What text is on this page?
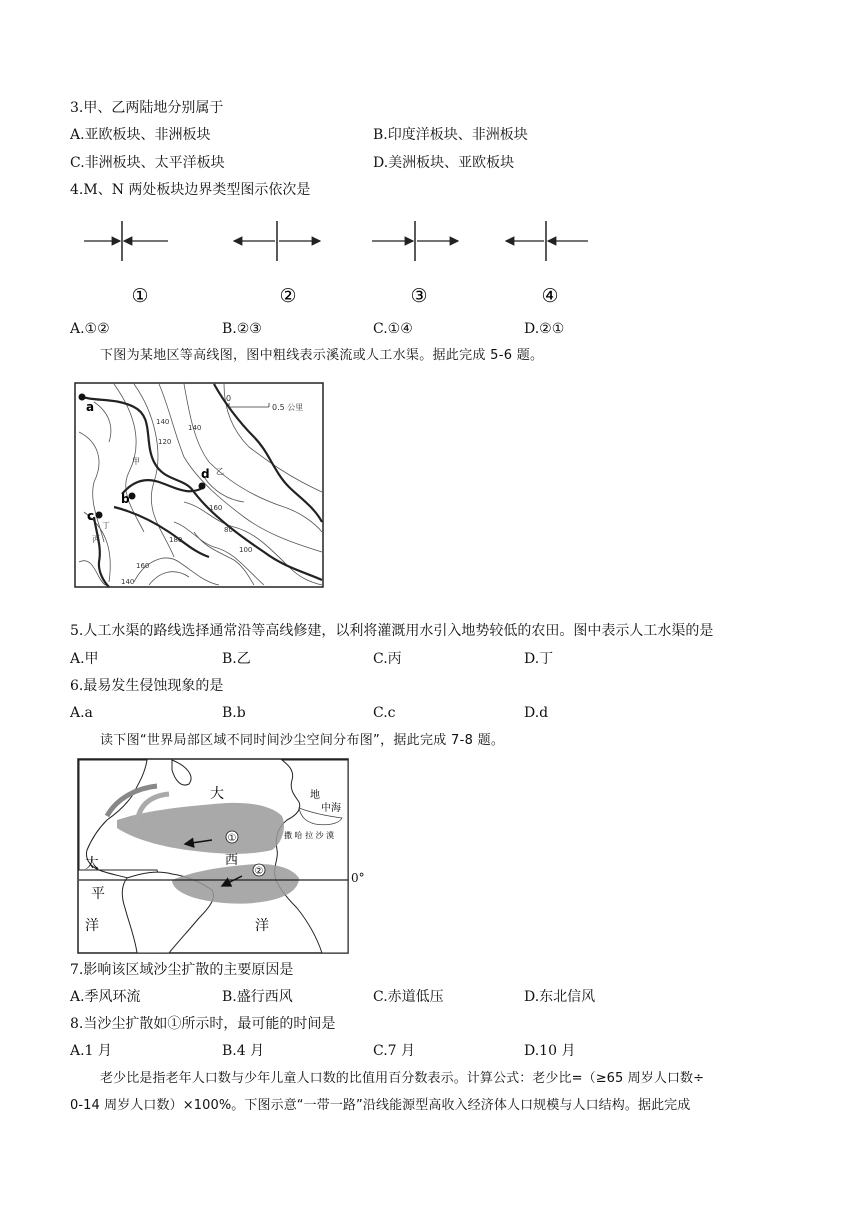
3.甲、乙两陆地分别属于
A.亚欧板块、非洲板块	B.印度洋板块、非洲板块
C.非洲板块、太平洋板块	D.美洲板块、亚欧板块
4.M、N 两处板块边界类型图示依次是
①	②	③	④
A.①②	B.②③	C.①④	D.②①
下图为某地区等高线图，图中粗线表示溪流或人工水渠。据此完成 5-6 题。
a
b
c
d
甲
乙
丙
丁
140
120
140
160
80
100
140
160
180
0
0.5 公里
5.人工水渠的路线选择通常沿等高线修建，以利将灌溉用水引入地势较低的农田。图中表示人工水渠的是
A.甲	B.乙	C.丙	D.丁
6.最易发生侵蚀现象的是
A.a	B.b	C.c	D.d
读下图“世界局部区域不同时间沙尘空间分布图”，据此完成 7-8 题。
①
②
大
西
洋
太
平
洋
地
中海
撒 哈 拉 沙 漠
0°
7.影响该区域沙尘扩散的主要原因是
A.季风环流	B.盛行西风	C.赤道低压	D.东北信风
8.当沙尘扩散如①所示时，最可能的时间是
A.1 月	B.4 月	C.7 月	D.10 月
老少比是指老年人口数与少年儿童人口数的比值用百分数表示。计算公式：老少比=（≥65 周岁人口数÷
0-14 周岁人口数）×100%。下图示意“一带一路”沿线能源型高收入经济体人口规模与人口结构。据此完成
